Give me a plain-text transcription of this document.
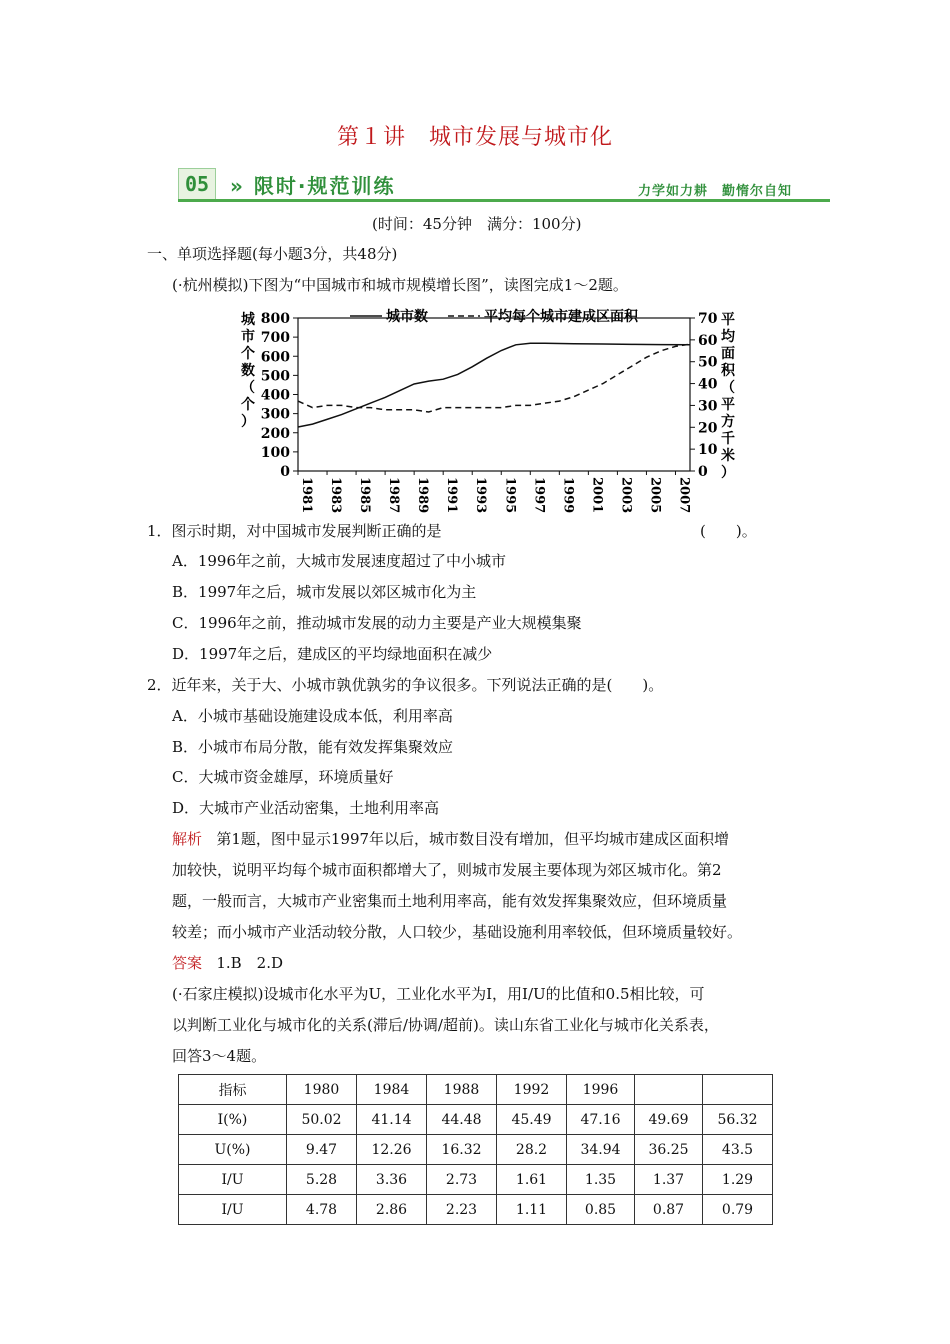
第１讲　城市发展与城市化
05	» 限时·规范训练	力学如力耕　勤惰尔自知
(时间：45分钟　满分：100分)
一、单项选择题(每小题3分，共48分)
(·杭州模拟)下图为“中国城市和城市规模增长图”，读图完成1～2题。
城市数	平均每个城市建成区面积
城
市
个
数
（
个
）
平
均
面
积
（
平
方
千
米
）
800
700
600
500
400
300
200
100
0
70
60
50
40
30
20
10
0
1981 1983 1985 1987 1989 1991 1993 1995 1997 1999 2001 2003 2005 2007
1．图示时期，对中国城市发展判断正确的是	(　　)。
A．1996年之前，大城市发展速度超过了中小城市
B．1997年之后，城市发展以郊区城市化为主
C．1996年之前，推动城市发展的动力主要是产业大规模集聚
D．1997年之后，建成区的平均绿地面积在减少
2．近年来，关于大、小城市孰优孰劣的争议很多。下列说法正确的是(　　)。
A．小城市基础设施建设成本低，利用率高
B．小城市布局分散，能有效发挥集聚效应
C．大城市资金雄厚，环境质量好
D．大城市产业活动密集，土地利用率高
解析 第1题，图中显示1997年以后，城市数目没有增加，但平均城市建成区面积增
加较快，说明平均每个城市面积都增大了，则城市发展主要体现为郊区城市化。第2
题，一般而言，大城市产业密集而土地利用率高，能有效发挥集聚效应，但环境质量
较差；而小城市产业活动较分散，人口较少，基础设施利用率较低，但环境质量较好。
答案 1.B　2.D
(·石家庄模拟)设城市化水平为U，工业化水平为I，用I/U的比值和0.5相比较，可
以判断工业化与城市化的关系(滞后/协调/超前)。读山东省工业化与城市化关系表，
回答3～4题。
指标	1980	1984	1988	1992	1996		
I(%)	50.02	41.14	44.48	45.49	47.16	49.69	56.32
U(%)	9.47	12.26	16.32	28.2	34.94	36.25	43.5
I/U	5.28	3.36	2.73	1.61	1.35	1.37	1.29
I/U	4.78	2.86	2.23	1.11	0.85	0.87	0.79
